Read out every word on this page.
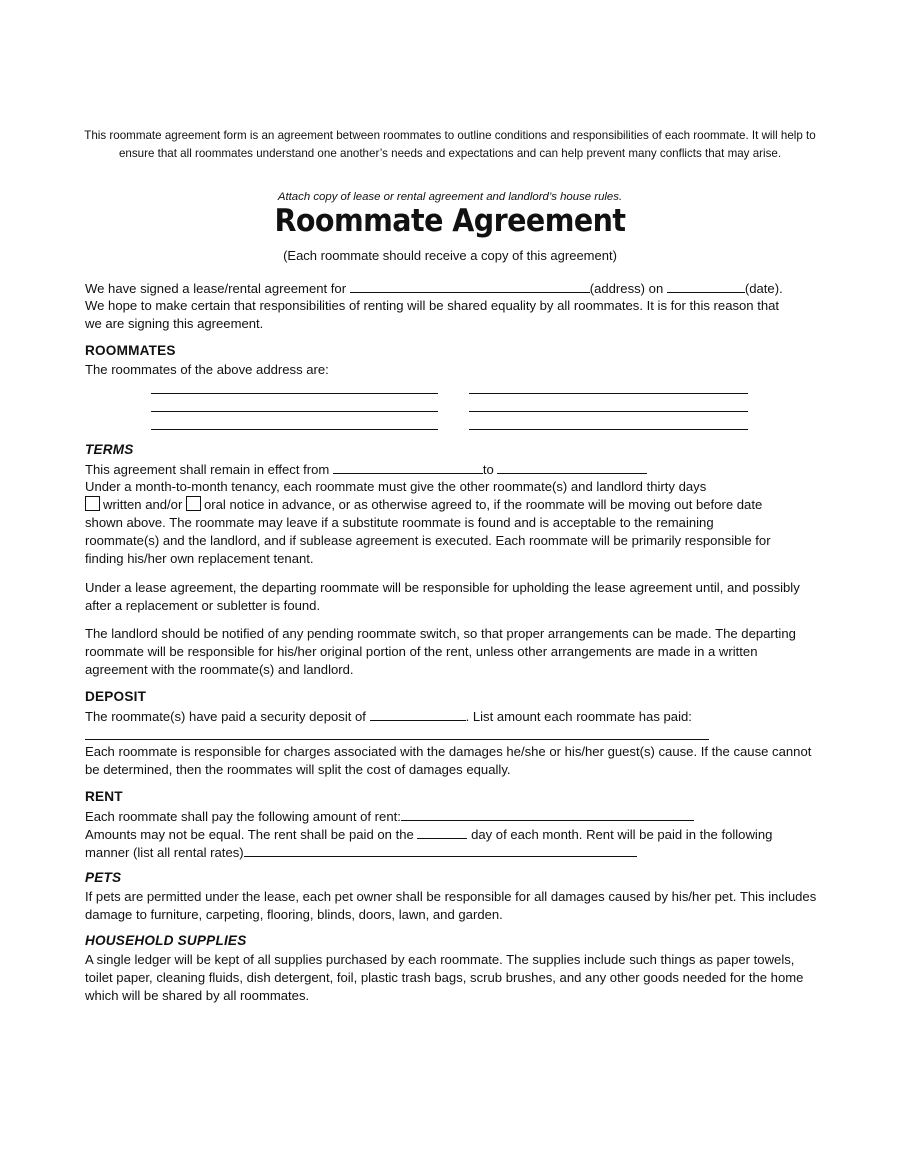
This roommate agreement form is an agreement between roommates to outline conditions and responsibilities of each roommate. It will help to ensure that all roommates understand one another’s needs and expectations and can help prevent many conflicts that may arise.
Attach copy of lease or rental agreement and landlord’s house rules.
Roommate Agreement
(Each roommate should receive a copy of this agreement)
We have signed a lease/rental agreement for	(address) on	(date).
We hope to make certain that responsibilities of renting will be shared equality by all roommates. It is for this reason that
we are signing this agreement.
ROOMMATES
The roommates of the above address are:
TERMS
This agreement shall remain in effect from	to
Under a month-to-month tenancy, each roommate must give the other roommate(s) and landlord thirty days
written and/or oral notice in advance, or as otherwise agreed to, if the roommate will be moving out before date
shown above. The roommate may leave if a substitute roommate is found and is acceptable to the remaining
roommate(s) and the landlord, and if sublease agreement is executed. Each roommate will be primarily responsible for
finding his/her own replacement tenant.
Under a lease agreement, the departing roommate will be responsible for upholding the lease agreement until, and possibly after a replacement or subletter is found.
The landlord should be notified of any pending roommate switch, so that proper arrangements can be made. The departing roommate will be responsible for his/her original portion of the rent, unless other arrangements are made in a written agreement with the roommate(s) and landlord.
DEPOSIT
The roommate(s) have paid a security deposit of	. List amount each roommate has paid:
Each roommate is responsible for charges associated with the damages he/she or his/her guest(s) cause. If the cause cannot be determined, then the roommates will split the cost of damages equally.
RENT
Each roommate shall pay the following amount of rent:
Amounts may not be equal. The rent shall be paid on the	day of each month. Rent will be paid in the following
manner (list all rental rates)
PETS
If pets are permitted under the lease, each pet owner shall be responsible for all damages caused by his/her pet. This includes damage to furniture, carpeting, flooring, blinds, doors, lawn, and garden.
HOUSEHOLD SUPPLIES
A single ledger will be kept of all supplies purchased by each roommate. The supplies include such things as paper towels, toilet paper, cleaning fluids, dish detergent, foil, plastic trash bags, scrub brushes, and any other goods needed for the home which will be shared by all roommates.
